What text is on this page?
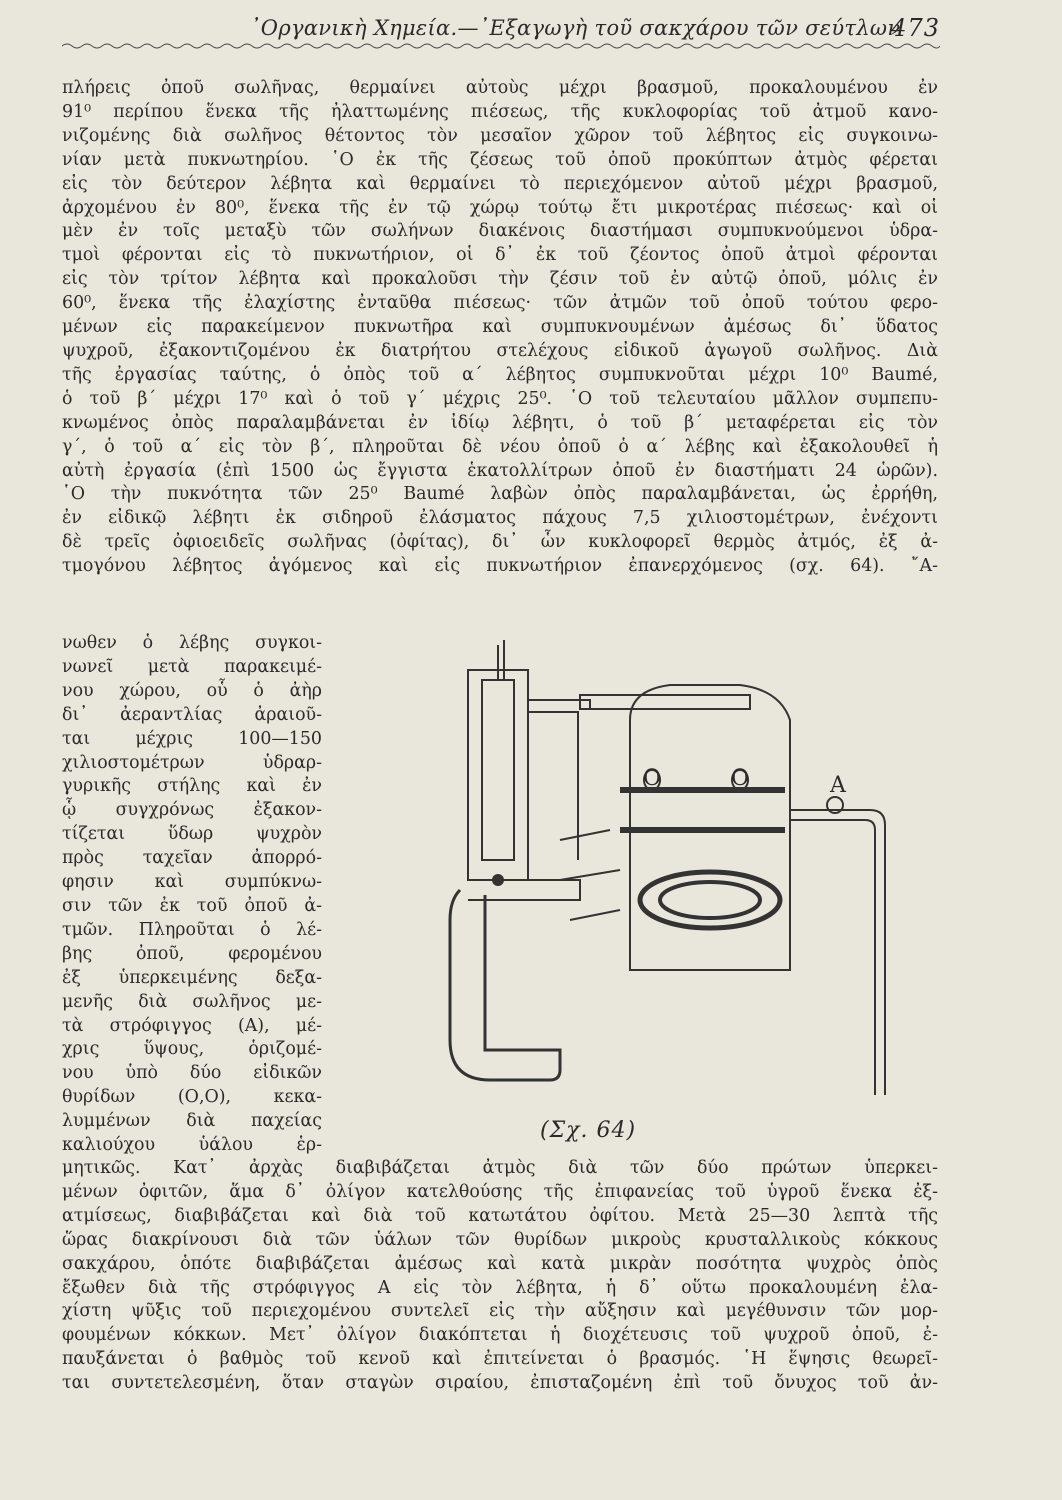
᾿Οργανικὴ Χημεία.—᾿Εξαγωγὴ τοῦ σακχάρου τῶν σεύτλων
473
πλήρεις ὀποῦ σωλῆνας, θερμαίνει αὐτοὺς μέχρι βρασμοῦ, προκαλουμένου ἐν
91⁰ περίπου ἕνεκα τῆς ἠλαττωμένης πιέσεως, τῆς κυκλοφορίας τοῦ ἀτμοῦ κανο-
νιζομένης διὰ σωλῆνος θέτοντος τὸν μεσαῖον χῶρον τοῦ λέβητος εἰς συγκοινω-
νίαν μετὰ πυκνωτηρίου. ῾Ο ἐκ τῆς ζέσεως τοῦ ὀποῦ προκύπτων ἀτμὸς φέρεται
εἰς τὸν δεύτερον λέβητα καὶ θερμαίνει τὸ περιεχόμενον αὐτοῦ μέχρι βρασμοῦ,
ἀρχομένου ἐν 80⁰, ἕνεκα τῆς ἐν τῷ χώρῳ τούτῳ ἔτι μικροτέρας πιέσεως· καὶ οἱ
μὲν ἐν τοῖς μεταξὺ τῶν σωλήνων διακένοις διαστήμασι συμπυκνούμενοι ὑδρα-
τμοὶ φέρονται εἰς τὸ πυκνωτήριον, οἱ δ᾿ ἐκ τοῦ ζέοντος ὀποῦ ἀτμοὶ φέρονται
εἰς τὸν τρίτον λέβητα καὶ προκαλοῦσι τὴν ζέσιν τοῦ ἐν αὐτῷ ὀποῦ, μόλις ἐν
60⁰, ἕνεκα τῆς ἐλαχίστης ἐνταῦθα πιέσεως· τῶν ἀτμῶν τοῦ ὀποῦ τούτου φερο-
μένων εἰς παρακείμενον πυκνωτῆρα καὶ συμπυκνουμένων ἀμέσως δι᾿ ὕδατος
ψυχροῦ, ἐξακοντιζομένου ἐκ διατρήτου στελέχους εἰδικοῦ ἀγωγοῦ σωλῆνος. Διὰ
τῆς ἐργασίας ταύτης, ὁ ὀπὸς τοῦ α΄ λέβητος συμπυκνοῦται μέχρι 10⁰ Baumé,
ὁ τοῦ β΄ μέχρι 17⁰ καὶ ὁ τοῦ γ΄ μέχρις 25⁰. ῾Ο τοῦ τελευταίου μᾶλλον συμπεπυ-
κνωμένος ὀπὸς παραλαμβάνεται ἐν ἰδίῳ λέβητι, ὁ τοῦ β΄ μεταφέρεται εἰς τὸν
γ΄, ὁ τοῦ α΄ εἰς τὸν β΄, πληροῦται δὲ νέου ὀποῦ ὁ α΄ λέβης καὶ ἐξακολουθεῖ ἡ
αὐτὴ ἐργασία (ἐπὶ 1500 ὡς ἔγγιστα ἑκατολλίτρων ὀποῦ ἐν διαστήματι 24 ὡρῶν).
῾Ο τὴν πυκνότητα τῶν 25⁰ Baumé λαβὼν ὀπὸς παραλαμβάνεται, ὡς ἐρρήθη,
ἐν εἰδικῷ λέβητι ἐκ σιδηροῦ ἐλάσματος πάχους 7,5 χιλιοστομέτρων, ἐνέχοντι
δὲ τρεῖς ὀφιοειδεῖς σωλῆνας (ὀφίτας), δι᾿ ὧν κυκλοφορεῖ θερμὸς ἀτμός, ἐξ ἀ-
τμογόνου λέβητος ἀγόμενος καὶ εἰς πυκνωτήριον ἐπανερχόμενος (σχ. 64). ῎Α-
νωθεν ὁ λέβης συγκοι-
νωνεῖ μετὰ παρακειμέ-
νου χώρου, οὗ ὁ ἀὴρ
δι᾿ ἀεραντλίας ἀραιοῦ-
ται μέχρις 100—150
χιλιοστομέτρων ὑδραρ-
γυρικῆς στήλης καὶ ἐν
ᾧ συγχρόνως ἐξακον-
τίζεται ὕδωρ ψυχρὸν
πρὸς ταχεῖαν ἀπορρό-
φησιν καὶ συμπύκνω-
σιν τῶν ἐκ τοῦ ὀποῦ ἀ-
τμῶν. Πληροῦται ὁ λέ-
βης ὀποῦ, φερομένου
ἐξ ὑπερκειμένης δεξα-
μενῆς διὰ σωλῆνος με-
τὰ στρόφιγγος (Α), μέ-
χρις ὕψους, ὁριζομέ-
νου ὑπὸ δύο εἰδικῶν
θυρίδων (Ο,Ο), κεκα-
λυμμένων διὰ παχείας
καλιούχου ὑάλου ἑρ-
Ο	Ο	Α
(Σχ. 64)
μητικῶς. Κατ᾿ ἀρχὰς διαβιβάζεται ἀτμὸς διὰ τῶν δύο πρώτων ὑπερκει-
μένων ὀφιτῶν, ἅμα δ᾿ ὀλίγον κατελθούσης τῆς ἐπιφανείας τοῦ ὑγροῦ ἕνεκα ἐξ-
ατμίσεως, διαβιβάζεται καὶ διὰ τοῦ κατωτάτου ὀφίτου. Μετὰ 25—30 λεπτὰ τῆς
ὥρας διακρίνουσι διὰ τῶν ὑάλων τῶν θυρίδων μικροὺς κρυσταλλικοὺς κόκκους
σακχάρου, ὁπότε διαβιβάζεται ἀμέσως καὶ κατὰ μικρὰν ποσότητα ψυχρὸς ὀπὸς
ἔξωθεν διὰ τῆς στρόφιγγος Α εἰς τὸν λέβητα, ἡ δ᾿ οὕτω προκαλουμένη ἐλα-
χίστη ψῦξις τοῦ περιεχομένου συντελεῖ εἰς τὴν αὔξησιν καὶ μεγέθυνσιν τῶν μορ-
φουμένων κόκκων. Μετ᾿ ὀλίγον διακόπτεται ἡ διοχέτευσις τοῦ ψυχροῦ ὀποῦ, ἐ-
παυξάνεται ὁ βαθμὸς τοῦ κενοῦ καὶ ἐπιτείνεται ὁ βρασμός. ῾Η ἕψησις θεωρεῖ-
ται συντετελεσμένη, ὅταν σταγὼν σιραίου, ἐπισταζομένη ἐπὶ τοῦ ὄνυχος τοῦ ἀν-
